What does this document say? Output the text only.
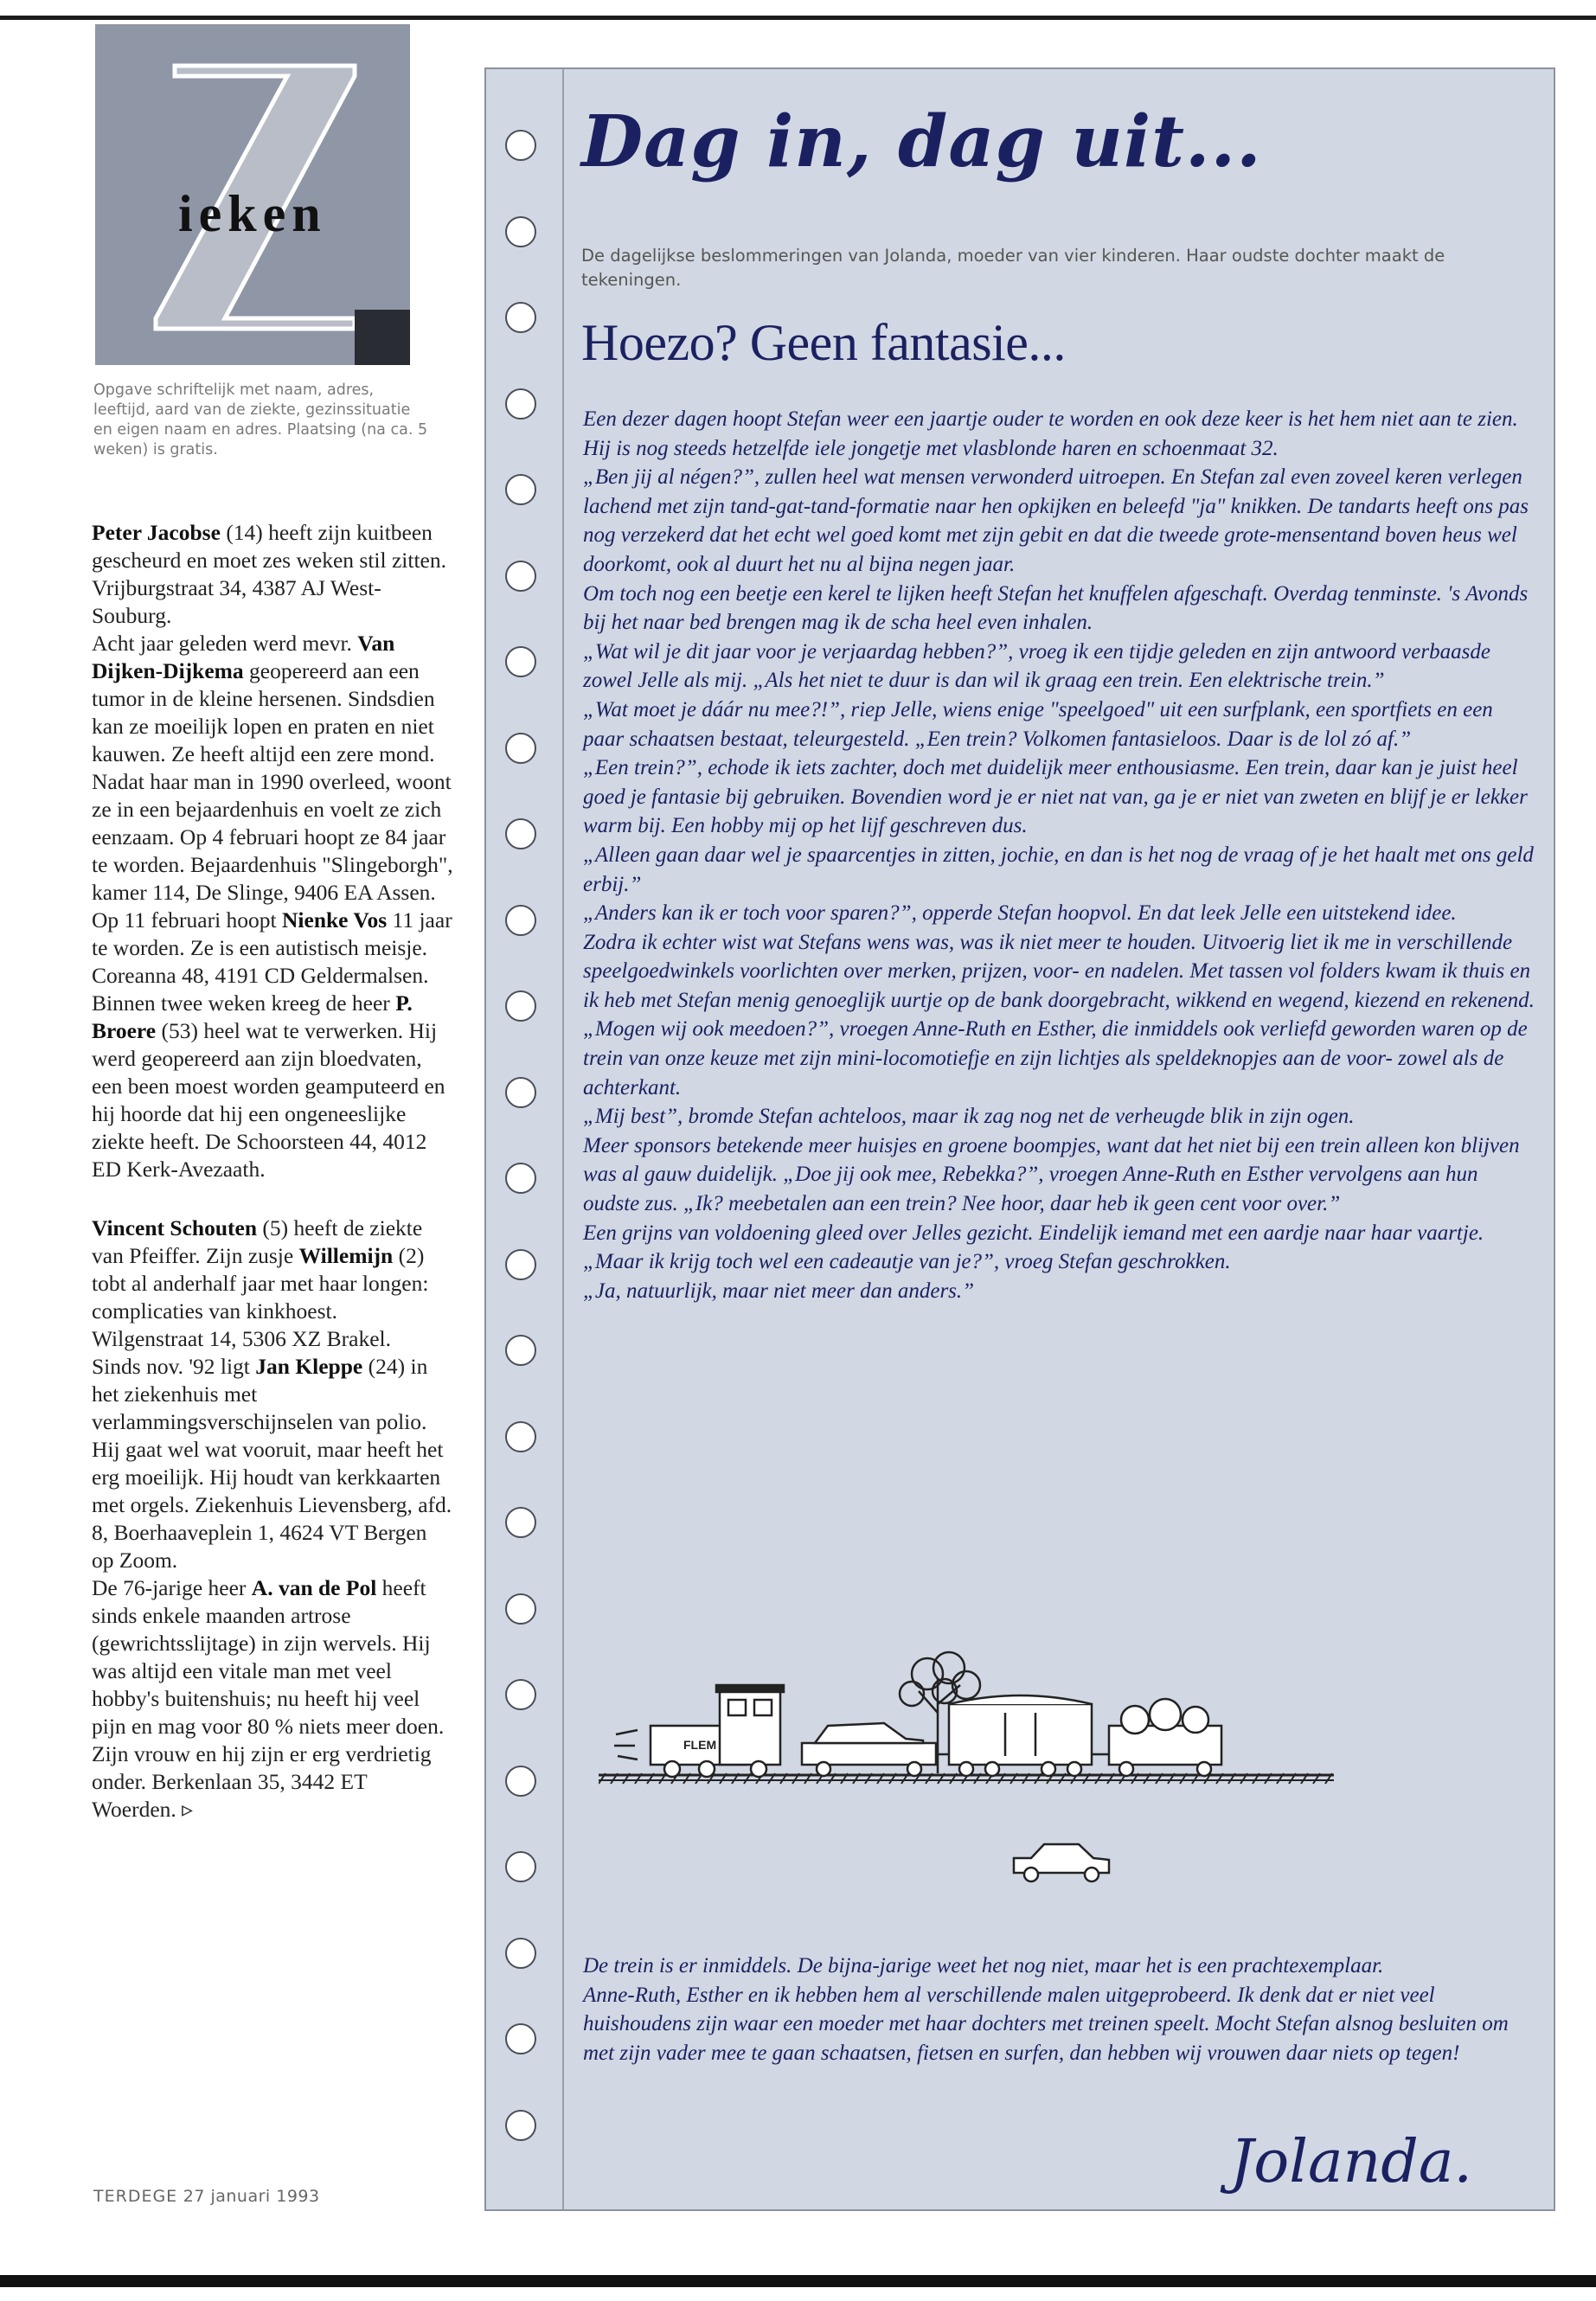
ieken
Opgave schriftelijk met naam, adres, leeftijd, aard van de ziekte, gezinssituatie en eigen naam en adres. Plaatsing (na ca. 5 weken) is gratis.

Peter Jacobse (14) heeft zijn kuitbeen gescheurd en moet zes weken stil zitten. Vrijburgstraat 34, 4387 AJ West-Souburg.

Acht jaar geleden werd mevr. Van Dijken-Dijkema geopereerd aan een tumor in de kleine hersenen. Sindsdien kan ze moeilijk lopen en praten en niet kauwen. Ze heeft altijd een zere mond. Nadat haar man in 1990 overleed, woont ze in een bejaardenhuis en voelt ze zich eenzaam. Op 4 februari hoopt ze 84 jaar te worden. Bejaardenhuis "Slingeborgh", kamer 114, De Slinge, 9406 EA Assen.

Op 11 februari hoopt Nienke Vos 11 jaar te worden. Ze is een autistisch meisje. Coreanna 48, 4191 CD Geldermalsen.

Binnen twee weken kreeg de heer P. Broere (53) heel wat te verwerken. Hij werd geopereerd aan zijn bloedvaten, een been moest worden geamputeerd en hij hoorde dat hij een ongeneeslijke ziekte heeft. De Schoorsteen 44, 4012 ED Kerk-Avezaath.

Vincent Schouten (5) heeft de ziekte van Pfeiffer. Zijn zusje Willemijn (2) tobt al anderhalf jaar met haar longen: complicaties van kinkhoest. Wilgenstraat 14, 5306 XZ Brakel.

Sinds nov. '92 ligt Jan Kleppe (24) in het ziekenhuis met verlammingsverschijnselen van polio. Hij gaat wel wat vooruit, maar heeft het erg moeilijk. Hij houdt van kerkkaarten met orgels. Ziekenhuis Lievensberg, afd. 8, Boerhaaveplein 1, 4624 VT Bergen op Zoom.

De 76-jarige heer A. van de Pol heeft sinds enkele maanden artrose (gewrichtsslijtage) in zijn wervels. Hij was altijd een vitale man met veel hobby's buitenshuis; nu heeft hij veel pijn en mag voor 80 % niets meer doen. Zijn vrouw en hij zijn er erg verdrietig onder. Berkenlaan 35, 3442 ET Woerden. ▹

TERDEGE 27 januari 1993
Dag in, dag uit...
De dagelijkse beslommeringen van Jolanda, moeder van vier kinderen. Haar oudste dochter maakt de tekeningen.
Hoezo? Geen fantasie...

Een dezer dagen hoopt Stefan weer een jaartje ouder te worden en ook deze keer is het hem niet aan te zien. Hij is nog steeds hetzelfde iele jongetje met vlasblonde haren en schoenmaat 32.

„Ben jij al négen?”, zullen heel wat mensen verwonderd uitroepen. En Stefan zal even zoveel keren verlegen lachend met zijn tand-gat-tand-formatie naar hen opkijken en beleefd "ja" knikken. De tandarts heeft ons pas nog verzekerd dat het echt wel goed komt met zijn gebit en dat die tweede grote-mensentand boven heus wel doorkomt, ook al duurt het nu al bijna negen jaar.

Om toch nog een beetje een kerel te lijken heeft Stefan het knuffelen afgeschaft. Overdag tenminste. 's Avonds bij het naar bed brengen mag ik de scha heel even inhalen.

„Wat wil je dit jaar voor je verjaardag hebben?”, vroeg ik een tijdje geleden en zijn antwoord verbaasde zowel Jelle als mij. „Als het niet te duur is dan wil ik graag een trein. Een elektrische trein.”

„Wat moet je dáár nu mee?!”, riep Jelle, wiens enige "speelgoed" uit een surfplank, een sportfiets en een paar schaatsen bestaat, teleurgesteld. „Een trein? Volkomen fantasieloos. Daar is de lol zó af.”

„Een trein?”, echode ik iets zachter, doch met duidelijk meer enthousiasme. Een trein, daar kan je juist heel goed je fantasie bij gebruiken. Bovendien word je er niet nat van, ga je er niet van zweten en blijf je er lekker warm bij. Een hobby mij op het lijf geschreven dus.

„Alleen gaan daar wel je spaarcentjes in zitten, jochie, en dan is het nog de vraag of je het haalt met ons geld erbij.”

„Anders kan ik er toch voor sparen?”, opperde Stefan hoopvol. En dat leek Jelle een uitstekend idee.

Zodra ik echter wist wat Stefans wens was, was ik niet meer te houden. Uitvoerig liet ik me in verschillende speelgoedwinkels voorlichten over merken, prijzen, voor- en nadelen. Met tassen vol folders kwam ik thuis en ik heb met Stefan menig genoeglijk uurtje op de bank doorgebracht, wikkend en wegend, kiezend en rekenend.

„Mogen wij ook meedoen?”, vroegen Anne-Ruth en Esther, die inmiddels ook verliefd geworden waren op de trein van onze keuze met zijn mini-locomotiefje en zijn lichtjes als speldeknopjes aan de voor- zowel als de achterkant.

„Mij best”, bromde Stefan achteloos, maar ik zag nog net de verheugde blik in zijn ogen.

Meer sponsors betekende meer huisjes en groene boompjes, want dat het niet bij een trein alleen kon blijven was al gauw duidelijk. „Doe jij ook mee, Rebekka?”, vroegen Anne-Ruth en Esther vervolgens aan hun oudste zus. „Ik? meebetalen aan een trein? Nee hoor, daar heb ik geen cent voor over.”

Een grijns van voldoening gleed over Jelles gezicht. Eindelijk iemand met een aardje naar haar vaartje.

„Maar ik krijg toch wel een cadeautje van je?”, vroeg Stefan geschrokken.

„Ja, natuurlijk, maar niet meer dan anders.”

FLEM

De trein is er inmiddels. De bijna-jarige weet het nog niet, maar het is een prachtexemplaar.

Anne-Ruth, Esther en ik hebben hem al verschillende malen uitgeprobeerd. Ik denk dat er niet veel huishoudens zijn waar een moeder met haar dochters met treinen speelt. Mocht Stefan alsnog besluiten om met zijn vader mee te gaan schaatsen, fietsen en surfen, dan hebben wij vrouwen daar niets op tegen!

Jolanda.
